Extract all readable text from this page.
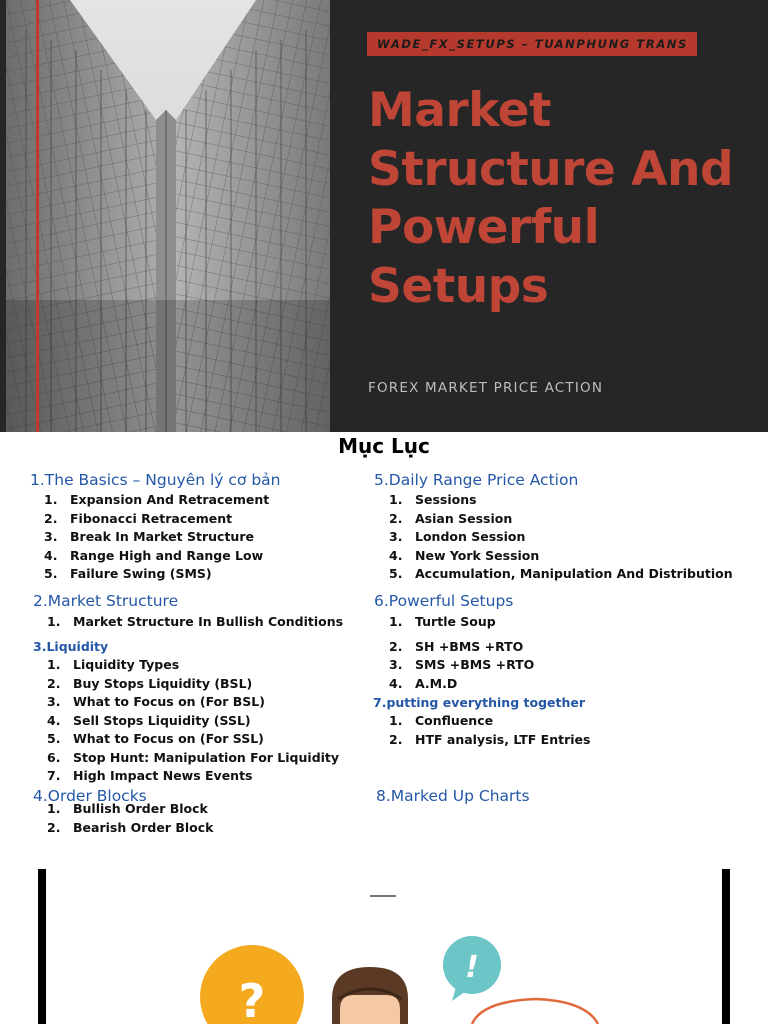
WADE_FX_SETUPS – TUANPHUNG TRANS
Market
Structure And
Powerful
Setups
FOREX MARKET PRICE ACTION
Mục Lục
1.The Basics – Nguyên lý cơ bản
1. Expansion And Retracement
2. Fibonacci Retracement
3. Break In Market Structure
4. Range High and Range Low
5. Failure Swing (SMS)
2.Market Structure
1. Market Structure In Bullish Conditions
3.Liquidity
1. Liquidity Types
2. Buy Stops Liquidity (BSL)
3. What to Focus on (For BSL)
4. Sell Stops Liquidity (SSL)
5. What to Focus on (For SSL)
6. Stop Hunt: Manipulation For Liquidity
7. High Impact News Events
4.Order Blocks
1. Bullish Order Block
2. Bearish Order Block
5.Daily Range Price Action
1. Sessions
2. Asian Session
3. London Session
4. New York Session
5. Accumulation, Manipulation And Distribution
6.Powerful Setups
1. Turtle Soup
2. SH +BMS +RTO
3. SMS +BMS +RTO
4. A.M.D
7.putting everything together
1. Confluence
2. HTF analysis, LTF Entries
8.Marked Up Charts
?
!
